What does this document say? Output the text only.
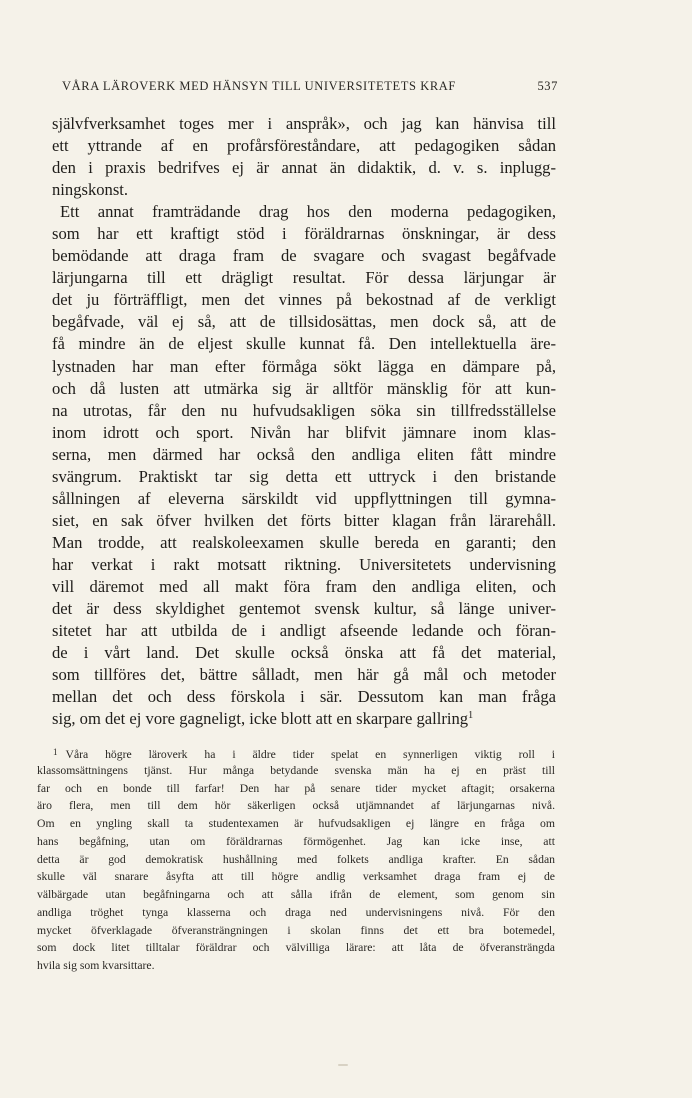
VÅRA LÄROVERK MED HÄNSYN TILL UNIVERSITETETS KRAF	537
självfverksamhet toges mer i anspråk», och jag kan hänvisa till
ett yttrande af en profårsföreståndare, att pedagogiken sådan
den i praxis bedrifves ej är annat än didaktik, d. v. s. inplugg-
ningskonst.
Ett annat framträdande drag hos den moderna pedagogiken,
som har ett kraftigt stöd i föräldrarnas önskningar, är dess
bemödande att draga fram de svagare och svagast begåfvade
lärjungarna till ett drägligt resultat. För dessa lärjungar är
det ju förträffligt, men det vinnes på bekostnad af de verkligt
begåfvade, väl ej så, att de tillsidosättas, men dock så, att de
få mindre än de eljest skulle kunnat få. Den intellektuella äre-
lystnaden har man efter förmåga sökt lägga en dämpare på,
och då lusten att utmärka sig är alltför mänsklig för att kun-
na utrotas, får den nu hufvudsakligen söka sin tillfredsställelse
inom idrott och sport. Nivån har blifvit jämnare inom klas-
serna, men därmed har också den andliga eliten fått mindre
svängrum. Praktiskt tar sig detta ett uttryck i den bristande
sållningen af eleverna särskildt vid uppflyttningen till gymna-
siet, en sak öfver hvilken det förts bitter klagan från lärarehåll.
Man trodde, att realskoleexamen skulle bereda en garanti; den
har verkat i rakt motsatt riktning. Universitetets undervisning
vill däremot med all makt föra fram den andliga eliten, och
det är dess skyldighet gentemot svensk kultur, så länge univer-
sitetet har att utbilda de i andligt afseende ledande och föran-
de i vårt land. Det skulle också önska att få det material,
som tillföres det, bättre sålladt, men här gå mål och metoder
mellan det och dess förskola i sär. Dessutom kan man fråga
sig, om det ej vore gagneligt, icke blott att en skarpare gallring$^1$
$^1$ Våra högre läroverk ha i äldre tider spelat en synnerligen viktig roll i
klassomsättningens tjänst. Hur många betydande svenska män ha ej en präst till
far och en bonde till farfar! Den har på senare tider mycket aftagit; orsakerna
äro flera, men till dem hör säkerligen också utjämnandet af lärjungarnas nivå.
Om en yngling skall ta studentexamen är hufvudsakligen ej längre en fråga om
hans begåfning, utan om föräldrarnas förmögenhet. Jag kan icke inse, att
detta är god demokratisk hushållning med folkets andliga krafter. En sådan
skulle väl snarare åsyfta att till högre andlig verksamhet draga fram ej de
välbärgade utan begåfningarna och att sålla ifrån de element, som genom sin
andliga tröghet tynga klasserna och draga ned undervisningens nivå. För den
mycket öfverklagade öfveransträngningen i skolan finns det ett bra botemedel,
som dock litet tilltalar föräldrar och välvilliga lärare: att låta de öfveransträngda
hvila sig som kvarsittare.
